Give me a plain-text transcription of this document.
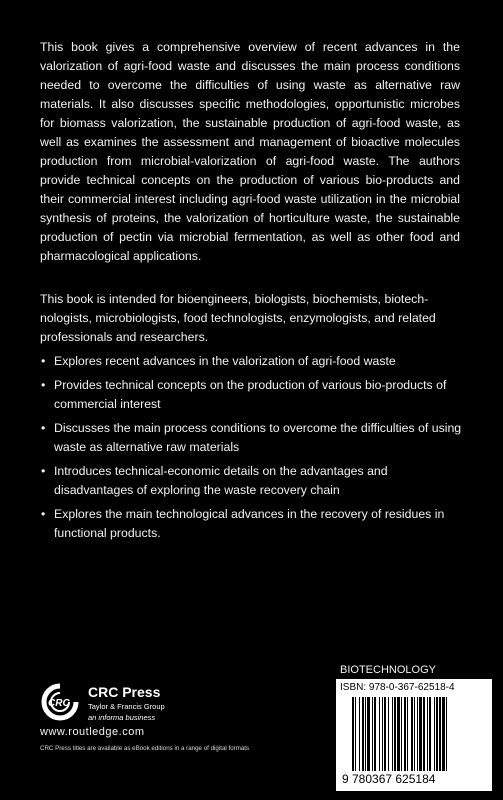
This book gives a comprehensive overview of recent advances in the valorization of agri-food waste and discusses the main process conditions needed to overcome the difficulties of using waste as alternative raw materials. It also discusses specific methodologies, opportunistic microbes for biomass valorization, the sustainable production of agri-food waste, as well as examines the assessment and management of bioactive molecules production from microbial-valorization of agri-food waste. The authors provide technical concepts on the production of various bio-products and their commercial interest including agri-food waste utilization in the microbial synthesis of proteins, the valorization of horticulture waste, the sustainable production of pectin via microbial fermentation, as well as other food and pharmacological applications.

This book is intended for bioengineers, biologists, biochemists, biotech-nologists, microbiologists, food technologists, enzymologists, and related professionals and researchers.

• Explores recent advances in the valorization of agri-food waste
• Provides technical concepts on the production of various bio-products of commercial interest
• Discusses the main process conditions to overcome the difficulties of using waste as alternative raw materials
• Introduces technical-economic details on the advantages and disadvantages of exploring the waste recovery chain
• Explores the main technological advances in the recovery of residues in functional products.
CRC
CRC Press
Taylor & Francis Group
an informa business
www.routledge.com
CRC Press titles are available as eBook editions in a range of digital formats
BIOTECHNOLOGY
ISBN: 978-0-367-62518-4
9 780367 625184
